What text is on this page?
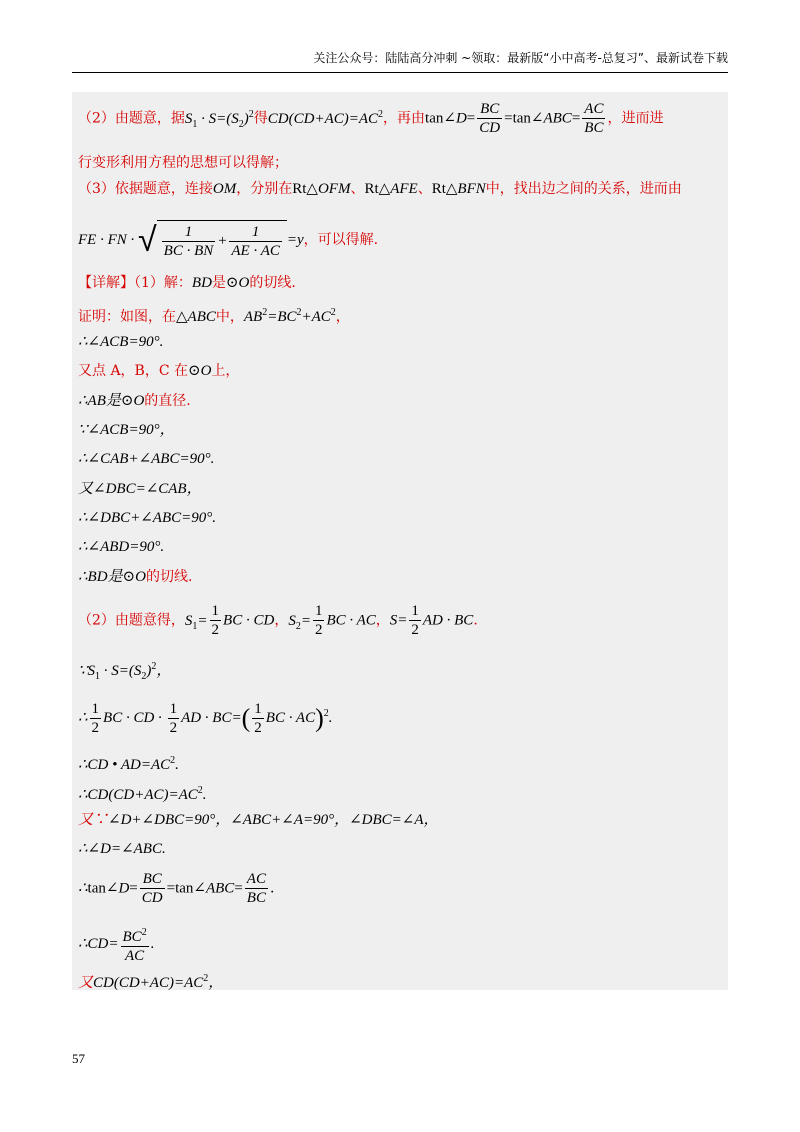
关注公众号：陆陆高分冲刺 ~领取：最新版“小中高考-总复习”、最新试卷下载
（2）由题意，据$S_1 \cdot S=(S_2)^2$得$CD(CD+AC)=AC^2$，再由tan∠D= $\frac{BC}{CD}$ =tan∠ABC= $\frac{AC}{BC}$ ，进而进
行变形利用方程的思想可以得解；
（3）依据题意，连接OM，分别在Rt△OFM、Rt△AFE、Rt△BFN中，找出边之间的关系，进而由
FE · FN · √ $\frac{1}{BC \cdot BN} + \frac{1}{AE \cdot AC} =y$，可以得解.
【详解】（1）解：BD是⊙O的切线.
证明：如图，在△ABC中，$AB^2=BC^2+AC^2$，
∴∠ACB=90°.
又点 A，B，C 在⊙O上，
∴AB是⊙O的直径.
∵∠ACB=90°，
∴∠CAB+∠ABC=90°.
又∠DBC=∠CAB，
∴∠DBC+∠ABC=90°.
∴∠ABD=90°.
∴BD是⊙O的切线.
（2）由题意得，$S_1= \frac{1}{2}$ BC · CD，$S_2= \frac{1}{2}$ BC · AC，$S= \frac{1}{2}$ AD · BC.
$\because S_1 \cdot S=(S_2)^2$，
∴ $\frac{1}{2}$ BC · CD · $\frac{1}{2}$ AD · $BC=( \frac{1}{2}$ BC · AC)$^2$.
∴CD • $AD=AC^2$.
$\therefore CD(CD+AC)=AC^2$.
又∵∠D+∠DBC=90°，∠ABC+∠A=90°，∠DBC=∠A，
∴∠D=∠ABC.
∴tan∠D= $\frac{BC}{CD}$ =tan∠ABC= $\frac{AC}{BC}$ .
∴CD= $\frac{BC^2}{AC}$ .
又$CD(CD+AC)=AC^2$，
57
